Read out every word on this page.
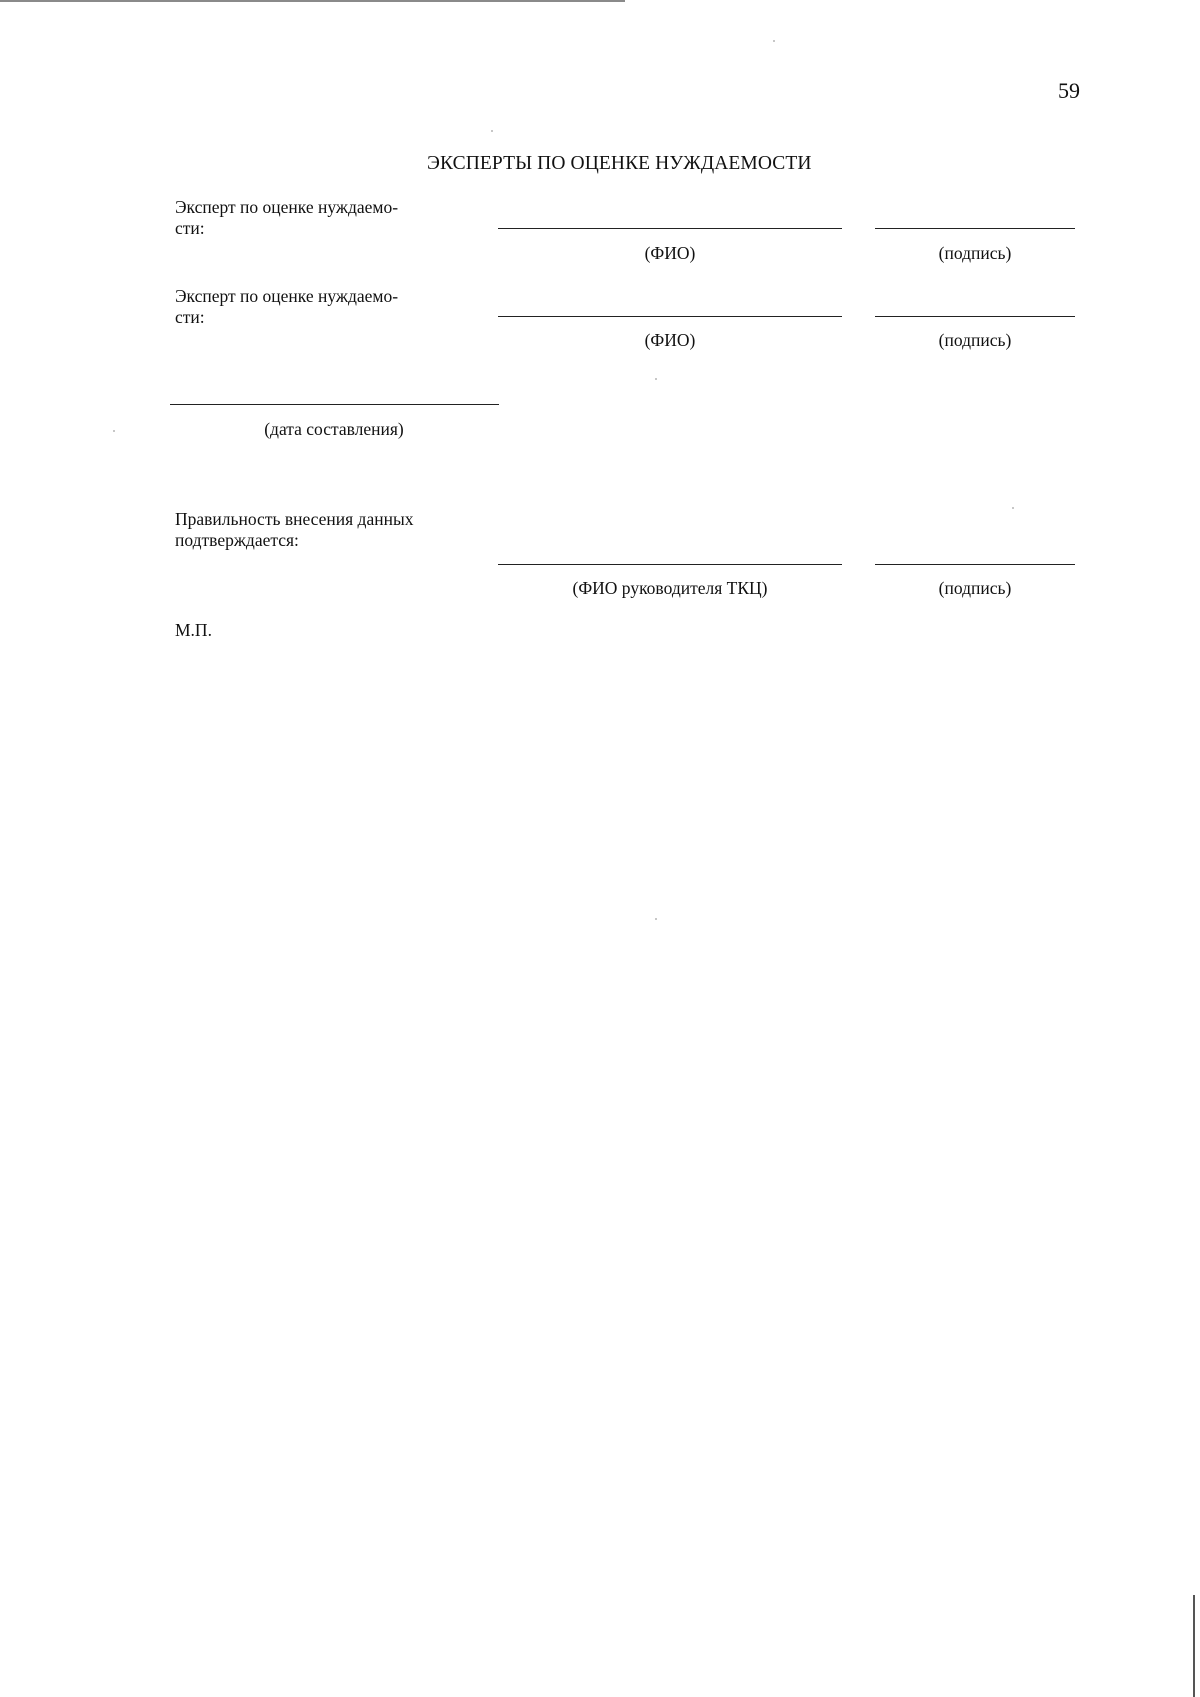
59
ЭКСПЕРТЫ ПО ОЦЕНКЕ НУЖДАЕМОСТИ
Эксперт по оценке нуждаемо-
сти:
(ФИО)	(подпись)
Эксперт по оценке нуждаемо-
сти:
(ФИО)	(подпись)
(дата составления)
Правильность внесения данных
подтверждается:
(ФИО руководителя ТКЦ)	(подпись)
М.П.
